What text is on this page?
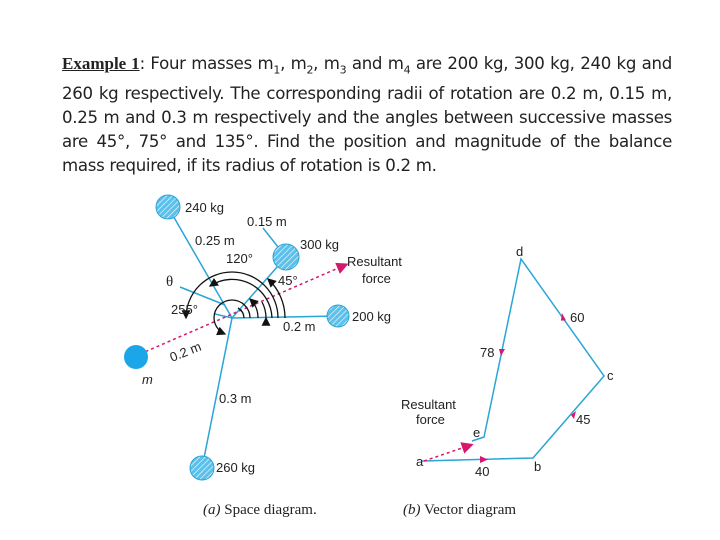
Example 1: Four masses $m_1$, $m_2$, $m_3$ and $m_4$ are 200 kg, 300 kg, 240 kg and 260 kg respectively. The corresponding radii of rotation are 0.2 m, 0.15 m, 0.25 m and 0.3 m respectively and the angles between successive masses are 45°, 75° and 135°. Find the position and magnitude of the balance mass required, if its radius of rotation is 0.2 m.
240 kg
0.15 m
0.25 m	300 kg
120°	Resultant
force
45°
θ
255°	200 kg
0.2 m
0.2 m
m
0.3 m
260 kg
(a) Space diagram.
d
60
78
c
Resultant
force	45
e
a	b
40
(b) Vector diagram
